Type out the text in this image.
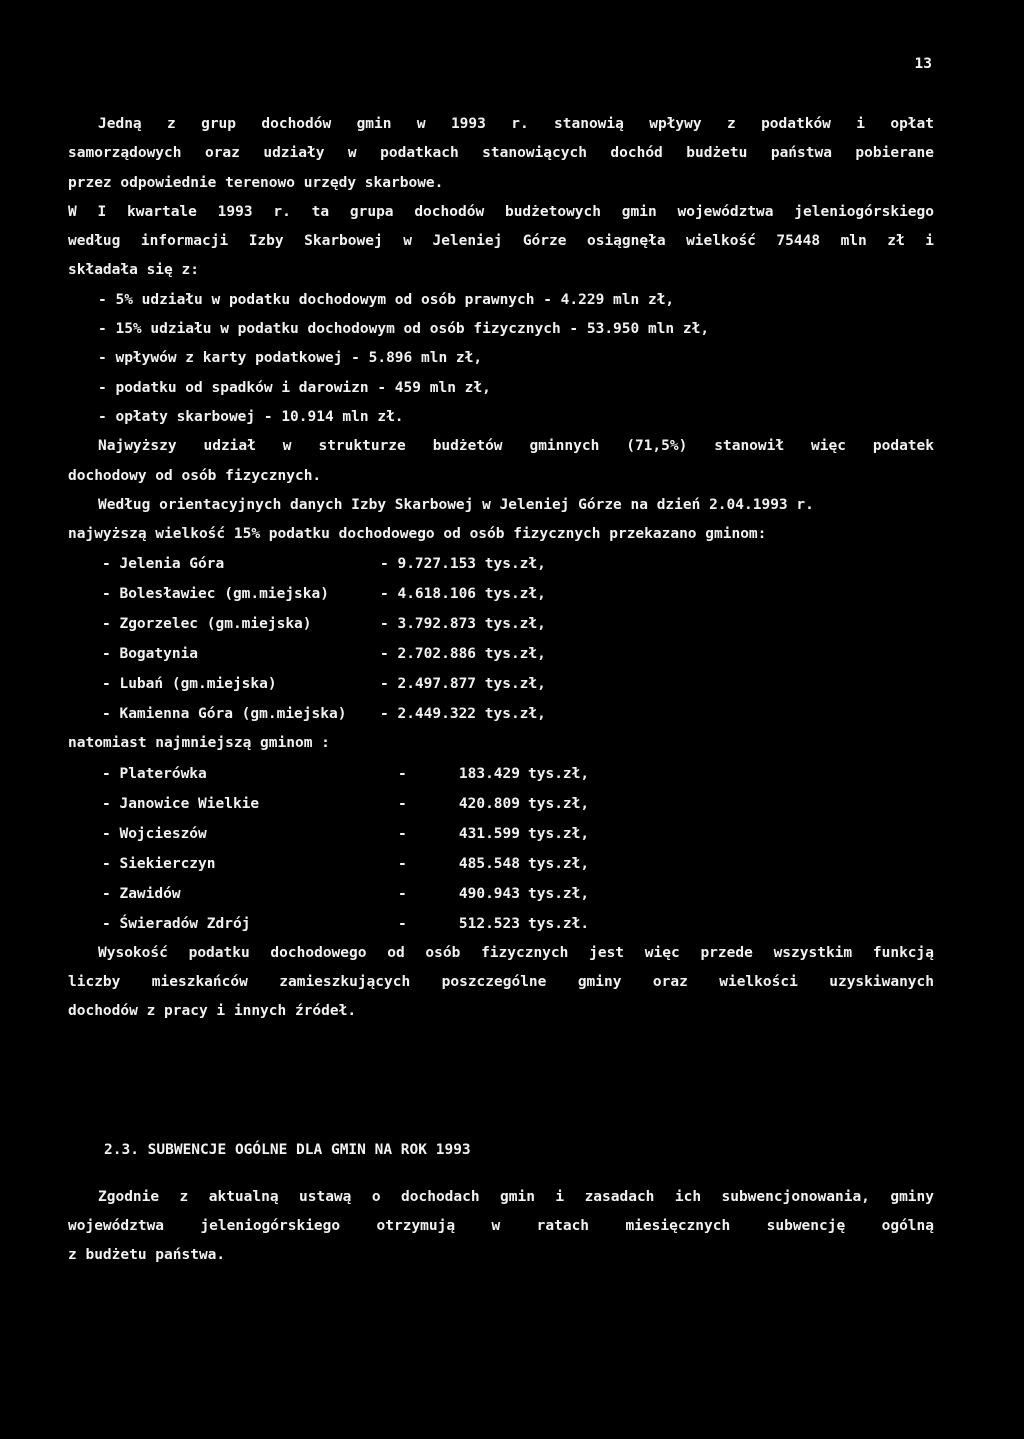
13
Jedną z grup dochodów gmin w 1993 r. stanowią wpływy z podatków i opłat
samorządowych oraz udziały w podatkach stanowiących dochód budżetu państwa pobierane
przez odpowiednie terenowo urzędy skarbowe.
W I kwartale 1993 r. ta grupa dochodów budżetowych gmin województwa jeleniogórskiego
według informacji Izby Skarbowej w Jeleniej Górze osiągnęła wielkość 75448 mln zł i
składała się z:
- 5% udziału w podatku dochodowym od osób prawnych - 4.229 mln zł,
- 15% udziału w podatku dochodowym od osób fizycznych - 53.950 mln zł,
- wpływów z karty podatkowej - 5.896 mln zł,
- podatku od spadków i darowizn - 459 mln zł,
- opłaty skarbowej - 10.914 mln zł.
Najwyższy udział w strukturze budżetów gminnych (71,5%) stanowił więc podatek
dochodowy od osób fizycznych.
Według orientacyjnych danych Izby Skarbowej w Jeleniej Górze na dzień 2.04.1993 r.
najwyższą wielkość 15% podatku dochodowego od osób fizycznych przekazano gminom:
- Jelenia Góra	- 9.727.153 tys.zł,
- Bolesławiec (gm.miejska)	- 4.618.106 tys.zł,
- Zgorzelec (gm.miejska)	- 3.792.873 tys.zł,
- Bogatynia	- 2.702.886 tys.zł,
- Lubań (gm.miejska)	- 2.497.877 tys.zł,
- Kamienna Góra (gm.miejska)	- 2.449.322 tys.zł,
natomiast najmniejszą gminom :
- Platerówka	-	183.429 tys.zł,
- Janowice Wielkie	-	420.809 tys.zł,
- Wojcieszów	-	431.599 tys.zł,
- Siekierczyn	-	485.548 tys.zł,
- Zawidów	-	490.943 tys.zł,
- Świeradów Zdrój	-	512.523 tys.zł.
Wysokość podatku dochodowego od osób fizycznych jest więc przede wszystkim funkcją
liczby mieszkańców zamieszkujących poszczególne gminy oraz wielkości uzyskiwanych
dochodów z pracy i innych źródeł.
2.3. SUBWENCJE OGÓLNE DLA GMIN NA ROK 1993
Zgodnie z aktualną ustawą o dochodach gmin i zasadach ich subwencjonowania, gminy
województwa jeleniogórskiego otrzymują w ratach miesięcznych subwencję ogólną
z budżetu państwa.
